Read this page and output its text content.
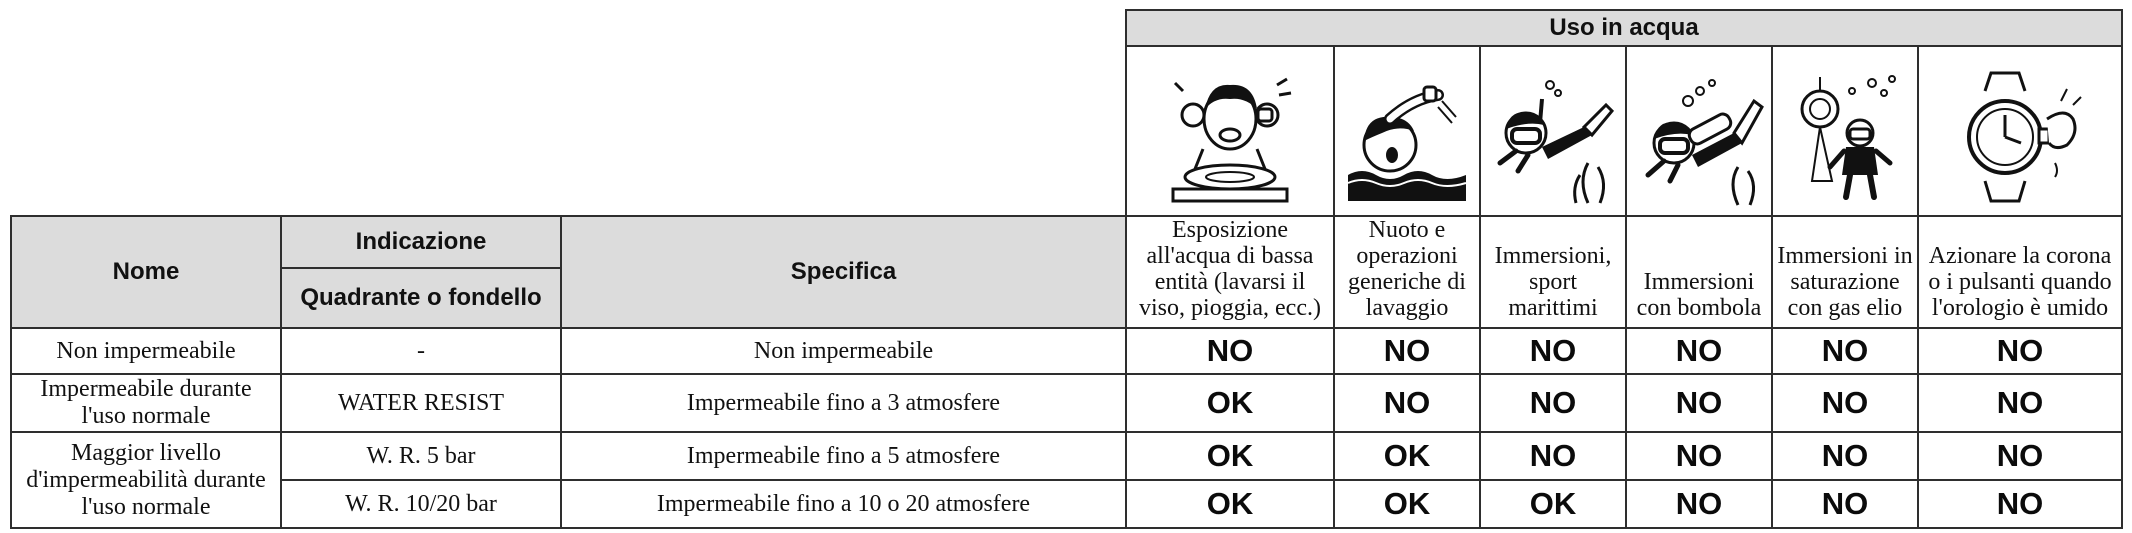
			Uso in acqua					

Nome	Indicazione	Specifica	Esposizione all'acqua di bassa entità (lavarsi il viso, pioggia, ecc.)	Nuoto e operazioni generiche di lavaggio	Immersioni, sport marittimi	Immersioni con bombola	Immersioni in saturazione con gas elio	Azionare la corona o i pulsanti quando l'orologio è umido
	Quadrante o fondello							
Non impermeabile	-	Non impermeabile	NO	NO	NO	NO	NO	NO
Impermeabile durante l'uso normale	WATER RESIST	Impermeabile fino a 3 atmosfere	OK	NO	NO	NO	NO	NO
Maggior livello d'impermeabilità durante l'uso normale	W. R. 5 bar	Impermeabile fino a 5 atmosfere	OK	OK	NO	NO	NO	NO
	W. R. 10/20 bar	Impermeabile fino a 10 o 20 atmosfere	OK	OK	OK	NO	NO	NO
